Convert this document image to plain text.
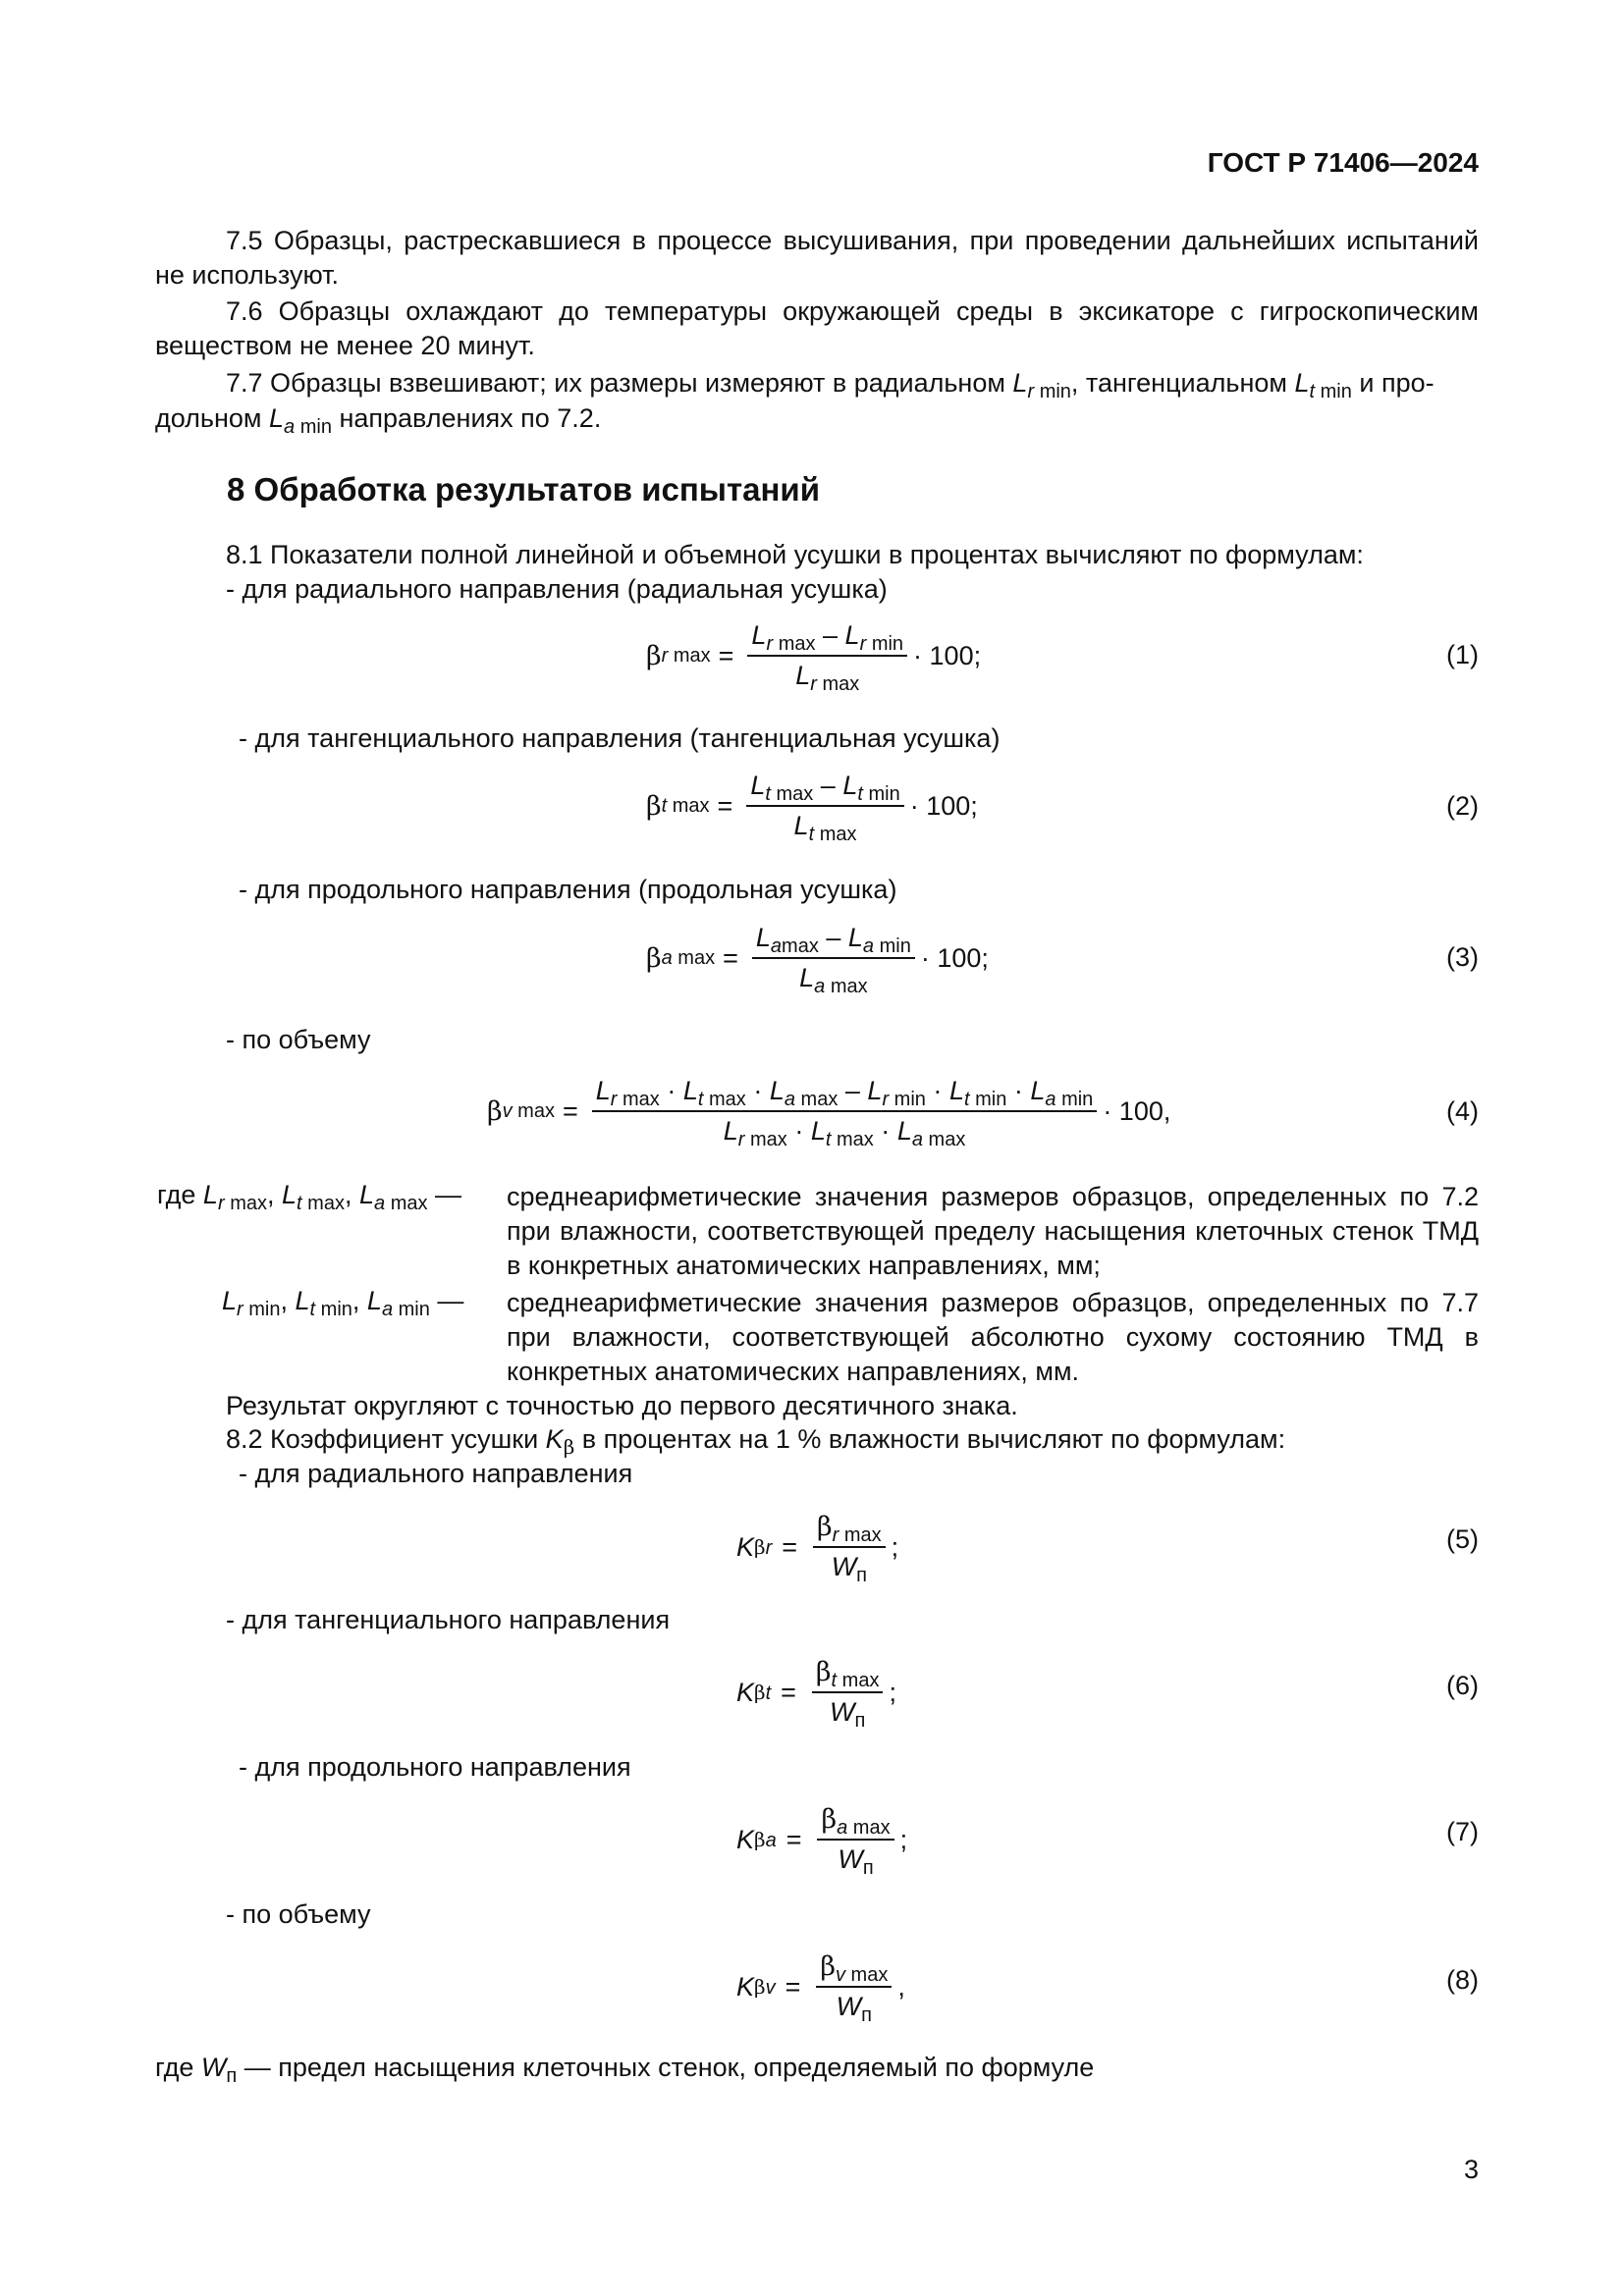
ГОСТ Р 71406—2024
7.5 Образцы, растрескавшиеся в процессе высушивания, при проведении дальнейших испытаний не используют.
7.6 Образцы охлаждают до температуры окружающей среды в эксикаторе с гигроскопическим веществом не менее 20 минут.
7.7 Образцы взвешивают; их размеры измеряют в радиальном $L_{r min}$, тангенциальном $L_{t min}$ и про-
дольном $L_{a min}$ направлениях по 7.2.
8 Обработка результатов испытаний
8.1 Показатели полной линейной и объемной усушки в процентах вычисляют по формулам:
- для радиального направления (радиальная усушка)
β r $\max = \frac{L_{r max} - L_{r min}}{L_{r max}} \cdot 100$;	(1)
- для тангенциального направления (тангенциальная усушка)
β t $\max = \frac{L_{t max} - L_{t min}}{L_{t max}} \cdot 100$;	(2)
- для продольного направления (продольная усушка)
β a $\max = \frac{L_{amax} - L_{a min}}{L_{a max}} \cdot 100$;	(3)
- по объему
β v $\max = \frac{L_{r max} \cdot L_{t max} \cdot L_{a max} - L_{r min} \cdot L_{t min} \cdot L_{a min}}{L_{r max} \cdot L_{t max} \cdot L_{a max}} \cdot 100$,	(4)
где $L_{r max}$, $L_{t max}$, $L_{a max}$ — среднеарифметические значения размеров образцов, определенных по 7.2 при влажности, соответствующей пределу насыщения клеточных стенок ТМД в конкретных анатомических направлениях, мм;
$L_{r min}$, $L_{t min}$, $L_{a min}$ — среднеарифметические значения размеров образцов, определенных по 7.7 при влажности, соответствующей абсолютно сухому состоянию ТМД в конкретных анатомических направлениях, мм.
Результат округляют с точностью до первого десятичного знака.
8.2 Коэффициент усушки $K_\beta$ в процентах на 1 % влажности вычисляют по формулам:
- для радиального направления
K $\beta r = \frac{\beta_{r max}}{W_п}$ ;	(5)
- для тангенциального направления
K $\beta t = \frac{\beta_{t max}}{W_п}$ ;	(6)
- для продольного направления
K $\beta a = \frac{\beta_{a max}}{W_п}$ ;	(7)
- по объему
K $\beta v = \frac{\beta_{v max}}{W_п}$ ,	(8)
где $W_п$ — предел насыщения клеточных стенок, определяемый по формуле
3
